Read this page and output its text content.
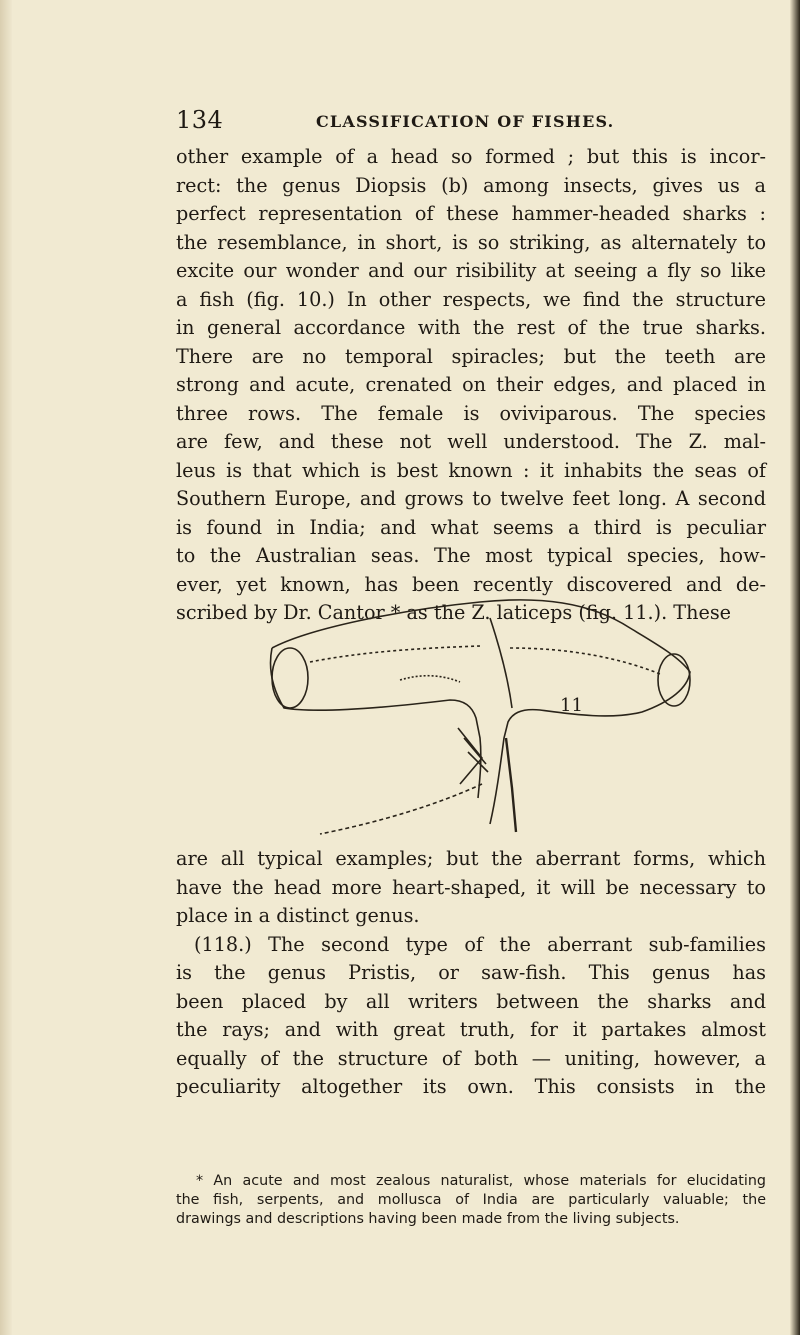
134	CLASSIFICATION OF FISHES.
other example of a head so formed ; but this is incor-
rect: the genus Diopsis (b) among insects, gives us a
perfect representation of these hammer-headed sharks :
the resemblance, in short, is so striking, as alternately to
excite our wonder and our risibility at seeing a fly so like
a fish (fig. 10.) In other respects, we find the structure
in general accordance with the rest of the true sharks.
There are no temporal spiracles; but the teeth are
strong and acute, crenated on their edges, and placed in
three rows. The female is oviviparous. The species
are few, and these not well understood. The Z. mal-
leus is that which is best known : it inhabits the seas of
Southern Europe, and grows to twelve feet long. A second
is found in India; and what seems a third is peculiar
to the Australian seas. The most typical species, how-
ever, yet known, has been recently discovered and de-
scribed by Dr. Cantor * as the Z. laticeps (fig. 11.). These
11
are all typical examples; but the aberrant forms, which
have the head more heart-shaped, it will be necessary to
place in a distinct genus.
(118.) The second type of the aberrant sub-families
is the genus Pristis, or saw-fish. This genus has
been placed by all writers between the sharks and
the rays; and with great truth, for it partakes almost
equally of the structure of both — uniting, however, a
peculiarity altogether its own. This consists in the
* An acute and most zealous naturalist, whose materials for elucidating
the fish, serpents, and mollusca of India are particularly valuable; the
drawings and descriptions having been made from the living subjects.
